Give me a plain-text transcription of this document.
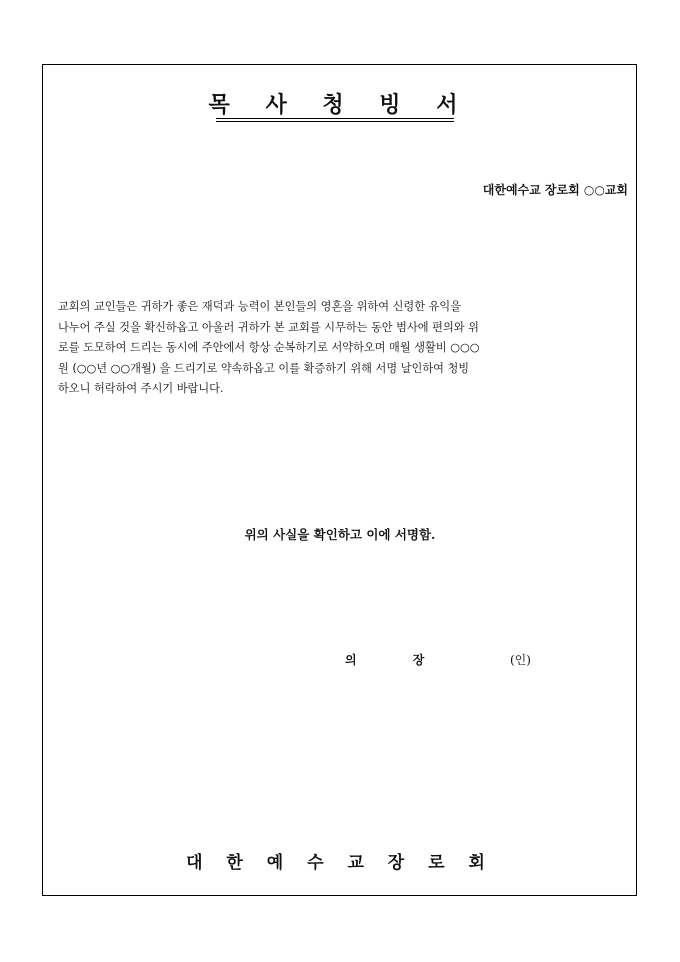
목 사 청 빙 서
대한예수교 장로회 ○○교회
교회의 교인들은 귀하가 좋은 재덕과 능력이 본인들의 영혼을 위하여 신령한 유익을
나누어 주실 것을 확신하옵고 아울러 귀하가 본 교회를 시무하는 동안 범사에 편의와 위
로를 도모하여 드리는 동시에 주안에서 항상 순복하기로 서약하오며 매월 생활비 ○○○
원 (○○년 ○○개월) 을 드리기로 약속하옵고 이를 확증하기 위해 서명 날인하여 청빙
하오니 허락하여 주시기 바랍니다.
위의 사실을 확인하고 이에 서명함.
의 장	(인)
대 한 예 수 교 장 로 회
